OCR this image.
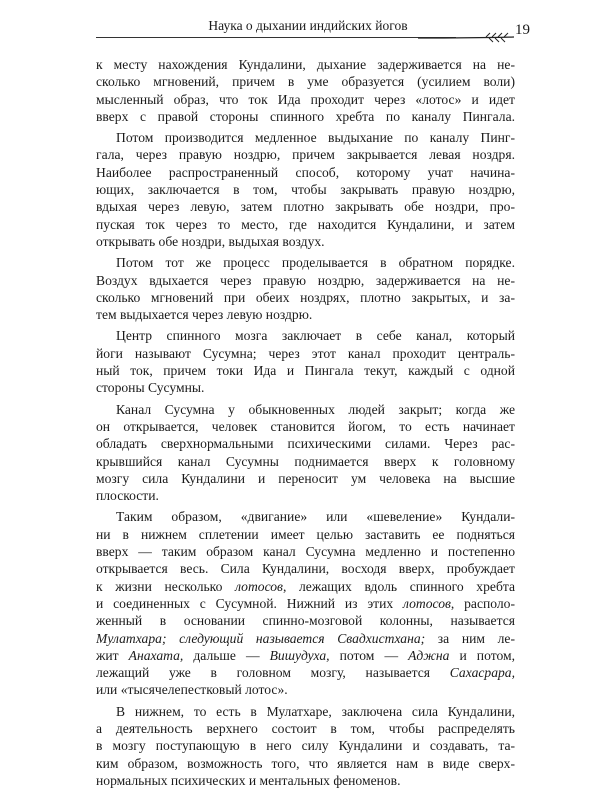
Наука о дыхании индийских йогов	19
к месту нахождения Кундалини, дыхание задерживается на не-
сколько мгновений, причем в уме образуется (усилием воли)
мысленный образ, что ток Ида проходит через «лотос» и идет
вверх с правой стороны спинного хребта по каналу Пингала.
Потом производится медленное выдыхание по каналу Пинг-
гала, через правую ноздрю, причем закрывается левая ноздря.
Наиболее распространенный способ, которому учат начина-
ющих, заключается в том, чтобы закрывать правую ноздрю,
вдыхая через левую, затем плотно закрывать обе ноздри, про-
пуская ток через то место, где находится Кундалини, и затем
открывать обе ноздри, выдыхая воздух.
Потом тот же процесс проделывается в обратном порядке.
Воздух вдыхается через правую ноздрю, задерживается на не-
сколько мгновений при обеих ноздрях, плотно закрытых, и за-
тем выдыхается через левую ноздрю.
Центр спинного мозга заключает в себе канал, который
йоги называют Сусумна; через этот канал проходит централь-
ный ток, причем токи Ида и Пингала текут, каждый с одной
стороны Сусумны.
Канал Сусумна у обыкновенных людей закрыт; когда же
он открывается, человек становится йогом, то есть начинает
обладать сверхнормальными психическими силами. Через рас-
крывшийся канал Сусумны поднимается вверх к головному
мозгу сила Кундалини и переносит ум человека на высшие
плоскости.
Таким образом, «двигание» или «шевеление» Кундали-
ни в нижнем сплетении имеет целью заставить ее подняться
вверх — таким образом канал Сусумна медленно и постепенно
открывается весь. Сила Кундалини, восходя вверх, пробуждает
к жизни несколько лотосов, лежащих вдоль спинного хребта
и соединенных с Сусумной. Нижний из этих лотосов, располо-
женный в основании спинно-мозговой колонны, называется
Мулатхара; следующий называется Свадхистхана; за ним ле-
жит Анахата, дальше — Вишудуха, потом — Аджна и потом,
лежащий уже в головном мозгу, называется Сахасрара,
или «тысячелепестковый лотос».
В нижнем, то есть в Мулатхаре, заключена сила Кундалини,
а деятельность верхнего состоит в том, чтобы распределять
в мозгу поступающую в него силу Кундалини и создавать, та-
ким образом, возможность того, что является нам в виде сверх-
нормальных психических и ментальных феноменов.
